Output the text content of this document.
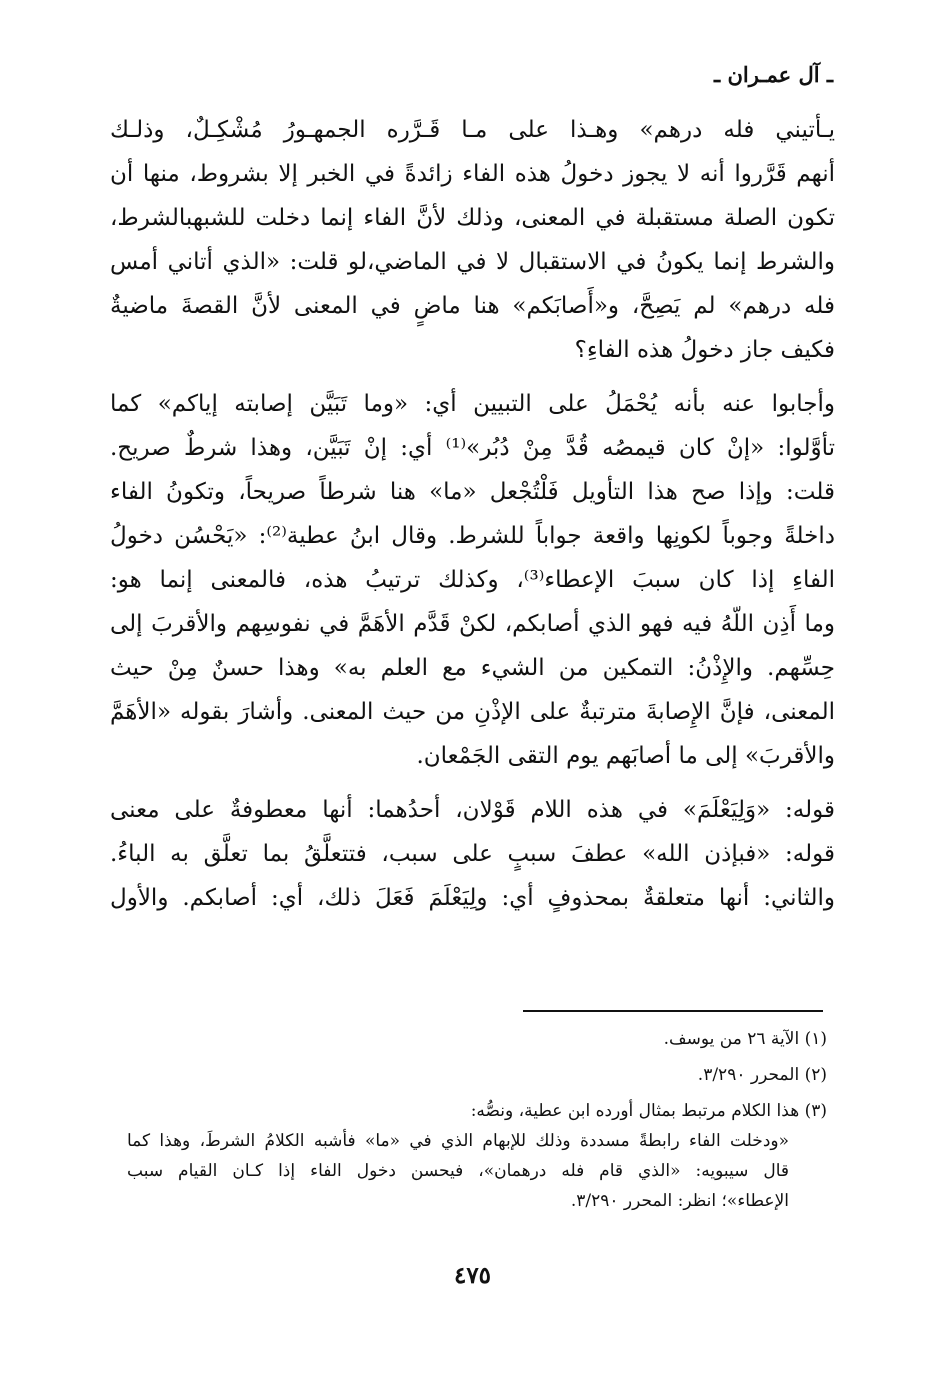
ـ آل عمـران ـ
يـأتيني فله درهم» وهـذا على مـا قَـرَّره الجمهـورُ مُشْكِـلٌ، وذلـك
أنهم قَرَّروا أنه لا يجوز دخولُ هذه الفاء زائدةً في الخبر إلا بشروط، منها أن
تكون الصلة مستقبلة في المعنى، وذلك لأنَّ الفاء إنما دخلت للشبهبالشرط،
والشرط إنما يكونُ في الاستقبال لا في الماضي،لو قلت: «الذي أتاني أمس
فله درهم» لم يَصِحَّ، و«أَصابَكم» هنا ماضٍ في المعنى لأنَّ القصةَ ماضيةٌ
فكيف جاز دخولُ هذه الفاءِ؟
وأجابوا عنه بأنه يُحْمَلُ على التبيين أي: «وما تَبَيَّن إصابته إياكم» كما
تأوَّلوا: «إنْ كان قيمصُه قُدَّ مِنْ دُبُر»⁽¹⁾ أي: إنْ تَبَيَّن، وهذا شرطٌ صريح.
قلت: وإذا صح هذا التأويل فَلْتُجْعل «ما» هنا شرطاً صريحاً، وتكونُ الفاء
داخلةً وجوباً لكونِها واقعة جواباً للشرط. وقال ابنُ عطية⁽²⁾: «يَحْسُن دخولُ
الفاءِ إذا كان سببَ الإعطاء⁽³⁾، وكذلك ترتيبُ هذه، فالمعنى إنما هو:
وما أَذِن اللّهُ فيه فهو الذي أصابكم، لكنْ قَدَّم الأهَمَّ في نفوسِهم والأقربَ إلى
حِسِّهم. والإِذْنُ: التمكين من الشيء مع العلم به» وهذا حسنٌ مِنْ حيث
المعنى، فإنَّ الإِصابةَ مترتبةٌ على الإذْنِ من حيث المعنى. وأشارَ بقوله «الأهَمَّ
والأقربَ» إلى ما أصابَهم يوم التقى الجَمْعان.
قوله: «وَلِيَعْلَمَ» في هذه اللام قَوْلان، أحدُهما: أنها معطوفةٌ على معنى
قوله: «فبإذن الله» عطفَ سببٍ على سبب، فتتعلَّقُ بما تعلَّق به الباءُ.
والثاني: أنها متعلقةٌ بمحذوفٍ أي: ولِيَعْلَمَ فَعَلَ ذلك، أي: أصابكم. والأول
(١) الآية ٢٦ من يوسف.
(٢) المحرر ٣/٢٩٠.
(٣) هذا الكلام مرتبط بمثال أورده ابن عطية، ونصُّه:
«ودخلت الفاء رابطةً مسددة وذلك للإبهام الذي في «ما» فأشبه الكلامُ الشرطَ، وهذا كما
قال سيبويه: «الذي قام فله درهمان»، فيحسن دخول الفاء إذا كـان القيام سبب
الإعطاء»؛ انظر: المحرر ٣/٢٩٠.
٤٧٥
